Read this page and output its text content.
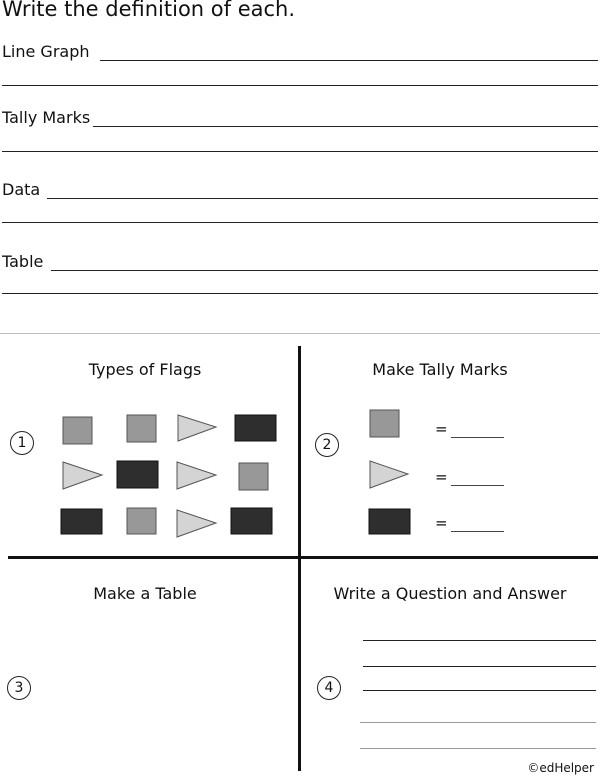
Write the definition of each.
Line Graph
Tally Marks
Data
Table
Types of Flags
1
Make Tally Marks
2
=
=
=
Make a Table
3
Write a Question and Answer
4
©edHelper
